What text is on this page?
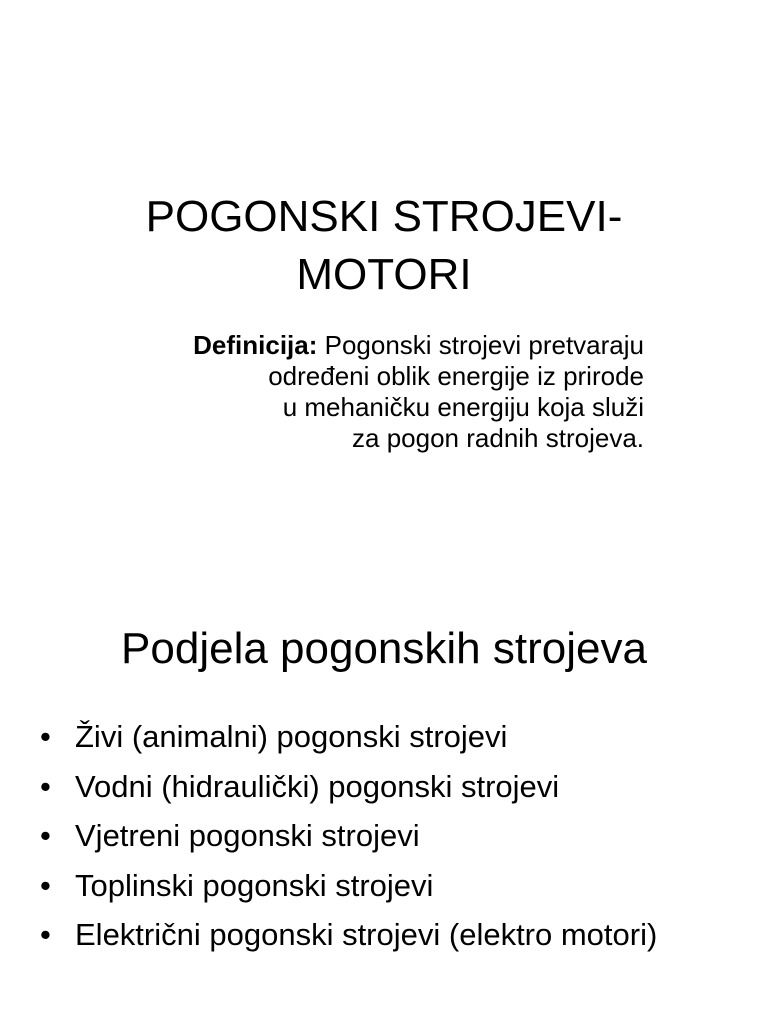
POGONSKI STROJEVI-
MOTORI
Definicija: Pogonski strojevi pretvaraju
određeni oblik energije iz prirode
u mehaničku energiju koja služi
za pogon radnih strojeva.
Podjela pogonskih strojeva
• Živi (animalni) pogonski strojevi
• Vodni (hidraulički) pogonski strojevi
• Vjetreni pogonski strojevi
• Toplinski pogonski strojevi
• Električni pogonski strojevi (elektro motori)
